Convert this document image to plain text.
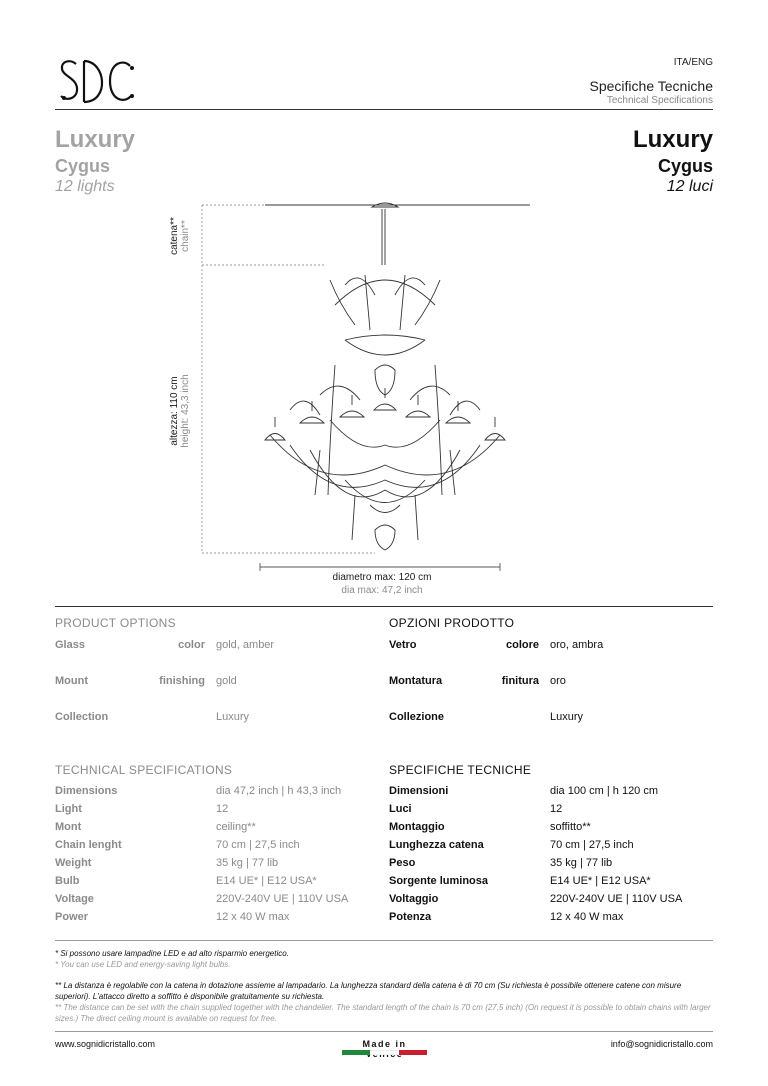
ITA/ENG
Specifiche Tecniche
Technical Specifications
Luxury
Cygus
12 lights
Luxury
Cygus
12 luci
catena** chain**
altezza: 110 cm height: 43,3 inch
diametro max: 120 cm
dia max: 47,2 inch
PRODUCT OPTIONS
Glass	color gold, amber
Mount	finishing gold
Collection	Luxury
OPZIONI PRODOTTO
Vetro	colore oro, ambra
Montatura	finitura oro
Collezione	Luxury
TECHNICAL SPECIFICATIONS
Dimensions	dia 47,2 inch | h 43,3 inch
Light	12
Mont	ceiling**
Chain lenght	70 cm | 27,5 inch
Weight	35 kg | 77 lib
Bulb	E14 UE* | E12 USA*
Voltage	220V-240V UE | 110V USA
Power	12 x 40 W max
SPECIFICHE TECNICHE
Dimensioni	dia 100 cm | h 120 cm
Luci	12
Montaggio	soffitto**
Lunghezza catena	70 cm | 27,5 inch
Peso	35 kg | 77 lib
Sorgente luminosa	E14 UE* | E12 USA*
Voltaggio	220V-240V UE | 110V USA
Potenza	12 x 40 W max
* Si possono usare lampadine LED e ad alto risparmio energetico.
* You can use LED and energy-saving light bulbs.
** La distanza è regolabile con la catena in dotazione assieme al lampadario. La lunghezza standard della catena è di 70 cm (Su richiesta è possibile ottenere catene con misure superiori). L'attacco diretto a soffitto è disponibile gratuitamente su richiesta.
** The distance can be set with the chain supplied together with the chandelier. The standard length of the chain is 70 cm (27,5 inch) (On request it is possible to obtain chains with larger sizes.) The direct ceiling mount is available on request for free.
www.sognidicristallo.com	Made in	info@sognidicristallo.com
